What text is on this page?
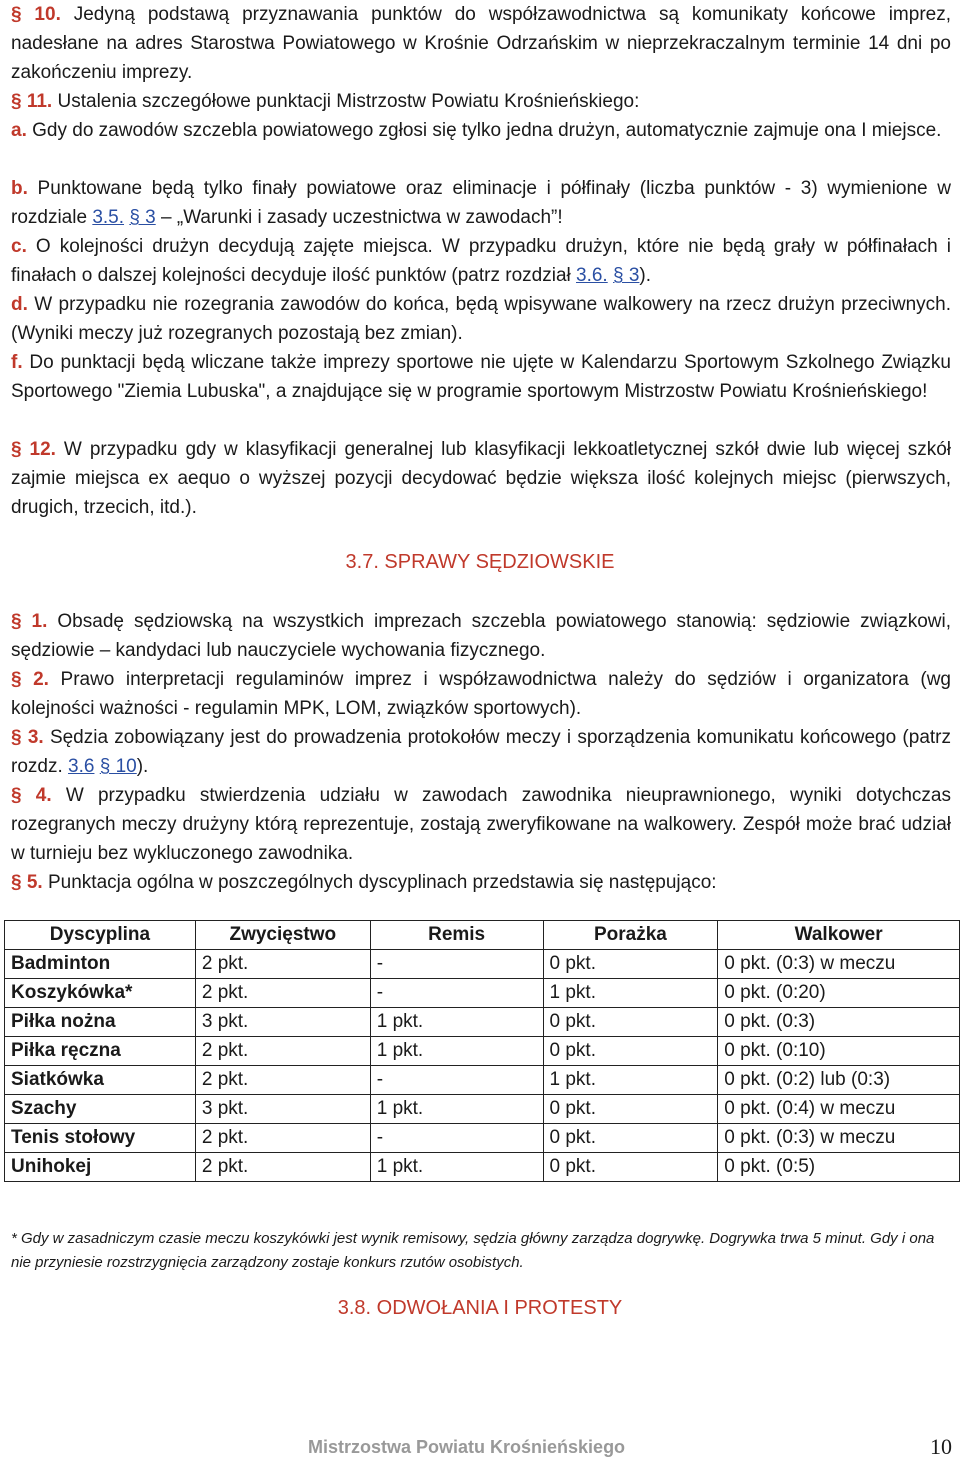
§ 10. Jedyną podstawą przyznawania punktów do współzawodnictwa są komunikaty końcowe imprez, nadesłane na adres Starostwa Powiatowego w Krośnie Odrzańskim w nieprzekraczalnym terminie 14 dni po zakończeniu imprezy.

§ 11. Ustalenia szczegółowe punktacji Mistrzostw Powiatu Krośnieńskiego:

a. Gdy do zawodów szczebla powiatowego zgłosi się tylko jedna drużyn, automatycznie zajmuje ona I miejsce.

b. Punktowane będą tylko finały powiatowe oraz eliminacje i półfinały (liczba punktów - 3) wymienione w rozdziale 3.5. § 3 – „Warunki i zasady uczestnictwa w zawodach”!

c. O kolejności drużyn decydują zajęte miejsca. W przypadku drużyn, które nie będą grały w półfinałach i finałach o dalszej kolejności decyduje ilość punktów (patrz rozdział 3.6. § 3).

d. W przypadku nie rozegrania zawodów do końca, będą wpisywane walkowery na rzecz drużyn przeciwnych. (Wyniki meczy już rozegranych pozostają bez zmian).

f. Do punktacji będą wliczane także imprezy sportowe nie ujęte w Kalendarzu Sportowym Szkolnego Związku Sportowego "Ziemia Lubuska", a znajdujące się w programie sportowym Mistrzostw Powiatu Krośnieńskiego!

§ 12. W przypadku gdy w klasyfikacji generalnej lub klasyfikacji lekkoatletycznej szkół dwie lub więcej szkół zajmie miejsca ex aequo o wyższej pozycji decydować będzie większa ilość kolejnych miejsc (pierwszych, drugich, trzecich, itd.).

3.7. SPRAWY SĘDZIOWSKIE

§ 1. Obsadę sędziowską na wszystkich imprezach szczebla powiatowego stanowią: sędziowie związkowi, sędziowie – kandydaci lub nauczyciele wychowania fizycznego.

§ 2. Prawo interpretacji regulaminów imprez i współzawodnictwa należy do sędziów i organizatora (wg kolejności ważności - regulamin MPK, LOM, związków sportowych).

§ 3. Sędzia zobowiązany jest do prowadzenia protokołów meczy i sporządzenia komunikatu końcowego (patrz rozdz. 3.6 § 10).

§ 4. W przypadku stwierdzenia udziału w zawodach zawodnika nieuprawnionego, wyniki dotychczas rozegranych meczy drużyny którą reprezentuje, zostają zweryfikowane na walkowery. Zespół może brać udział w turnieju bez wykluczonego zawodnika.

§ 5. Punktacja ogólna w poszczególnych dyscyplinach przedstawia się następująco:

Dyscyplina	Zwycięstwo	Remis	Porażka	Walkower
Badminton	2 pkt.	-	0 pkt.	0 pkt. (0:3) w meczu
Koszykówka*	2 pkt.	-	1 pkt.	0 pkt. (0:20)
Piłka nożna	3 pkt.	1 pkt.	0 pkt.	0 pkt. (0:3)
Piłka ręczna	2 pkt.	1 pkt.	0 pkt.	0 pkt. (0:10)
Siatkówka	2 pkt.	-	1 pkt.	0 pkt. (0:2) lub (0:3)
Szachy	3 pkt.	1 pkt.	0 pkt.	0 pkt. (0:4) w meczu
Tenis stołowy	2 pkt.	-	0 pkt.	0 pkt. (0:3) w meczu
Unihokej	2 pkt.	1 pkt.	0 pkt.	0 pkt. (0:5)

* Gdy w zasadniczym czasie meczu koszykówki jest wynik remisowy, sędzia główny zarządza dogrywkę. Dogrywka trwa 5 minut. Gdy i ona nie przyniesie rozstrzygnięcia zarządzony zostaje konkurs rzutów osobistych.

3.8. ODWOŁANIA I PROTESTY
Mistrzostwa Powiatu Krośnieńskiego	10
